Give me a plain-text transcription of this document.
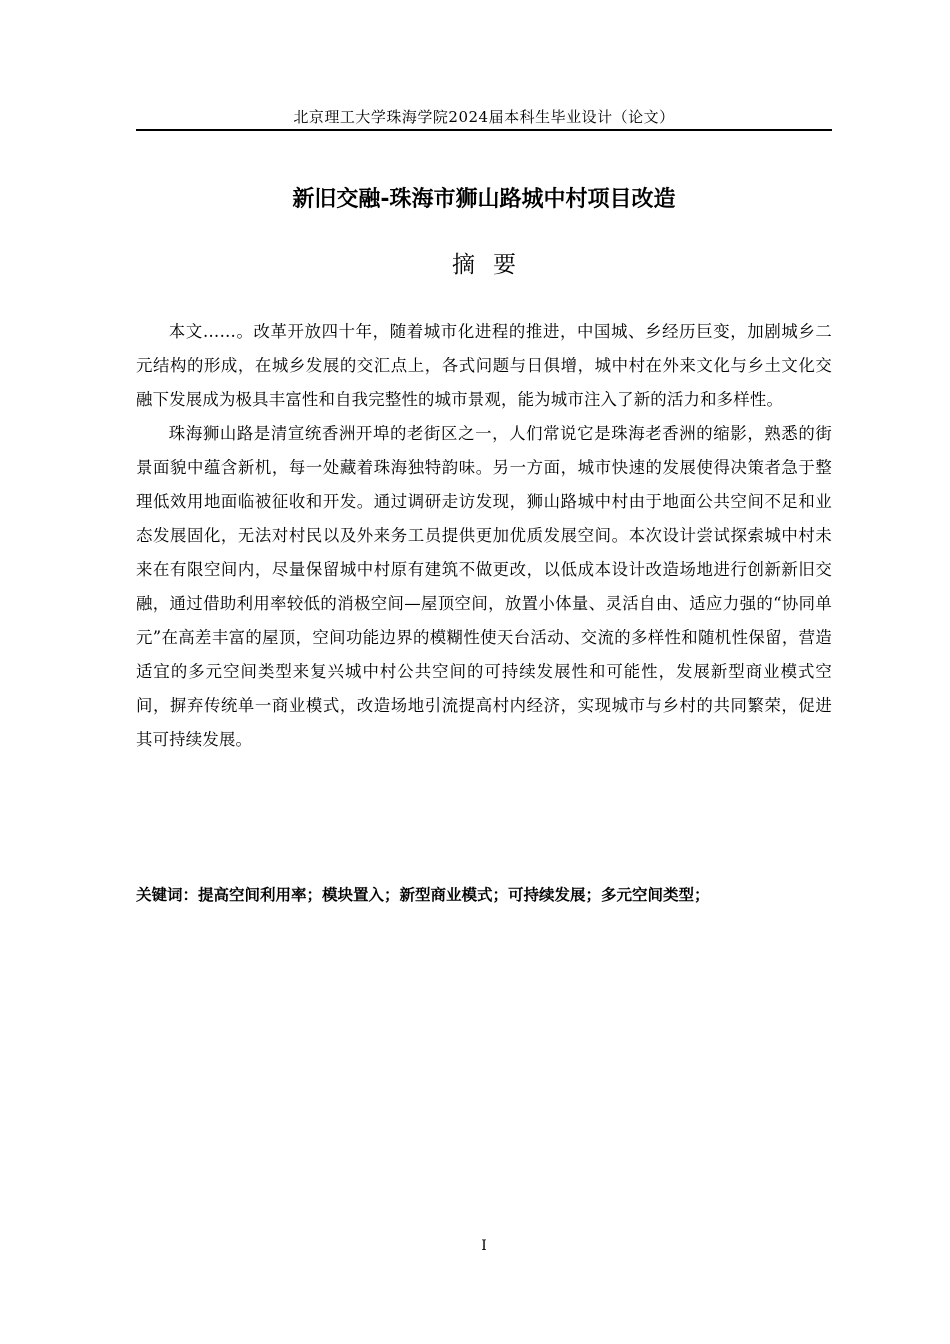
北京理工大学珠海学院2024届本科生毕业设计（论文）
新旧交融-珠海市狮山路城中村项目改造
摘要

本文……。改革开放四十年，随着城市化进程的推进，中国城、乡经历巨变，加剧城乡二元结构的形成，在城乡发展的交汇点上，各式问题与日俱增，城中村在外来文化与乡土文化交融下发展成为极具丰富性和自我完整性的城市景观，能为城市注入了新的活力和多样性。

珠海狮山路是清宣统香洲开埠的老街区之一，人们常说它是珠海老香洲的缩影，熟悉的街景面貌中蕴含新机，每一处藏着珠海独特韵味。另一方面，城市快速的发展使得决策者急于整理低效用地面临被征收和开发。通过调研走访发现，狮山路城中村由于地面公共空间不足和业态发展固化，无法对村民以及外来务工员提供更加优质发展空间。本次设计尝试探索城中村未来在有限空间内，尽量保留城中村原有建筑不做更改，以低成本设计改造场地进行创新新旧交融，通过借助利用率较低的消极空间—屋顶空间，放置小体量、灵活自由、适应力强的“协同单元”在高差丰富的屋顶，空间功能边界的模糊性使天台活动、交流的多样性和随机性保留，营造适宜的多元空间类型来复兴城中村公共空间的可持续发展性和可能性，发展新型商业模式空间，摒弃传统单一商业模式，改造场地引流提高村内经济，实现城市与乡村的共同繁荣，促进其可持续发展。

关键词：提高空间利用率；模块置入；新型商业模式；可持续发展；多元空间类型；
I
